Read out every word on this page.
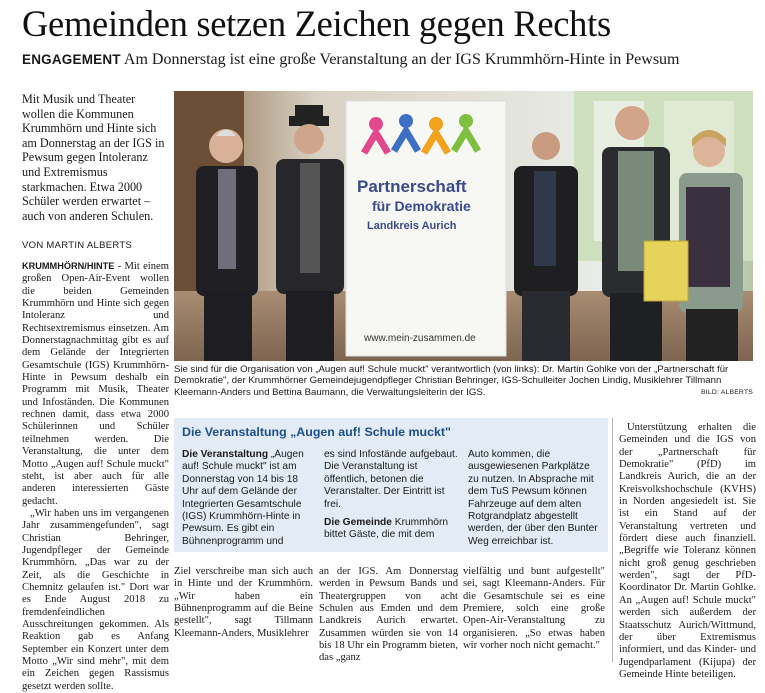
Gemeinden setzen Zeichen gegen Rechts
ENGAGEMENT Am Donnerstag ist eine große Veranstaltung an der IGS Krummhörn-Hinte in Pewsum
Mit Musik und Theater wollen die Kommunen Krummhörn und Hinte sich am Donnerstag an der IGS in Pewsum gegen Intoleranz und Extremismus starkmachen. Etwa 2000 Schüler werden erwartet – auch von anderen Schulen.
VON MARTIN ALBERTS
KRUMMHÖRN/HINTE - Mit einem großen Open-Air-Event wollen die beiden Gemeinden Krummhörn und Hinte sich gegen Intoleranz und Rechtsextremismus einsetzen. Am Donnerstagnachmittag gibt es auf dem Gelände der Integrierten Gesamtschule (IGS) Krummhörn-Hinte in Pewsum deshalb ein Programm mit Musik, Theater und Infoständen. Die Kommunen rechnen damit, dass etwa 2000 Schülerinnen und Schüler teilnehmen werden. Die Veranstaltung, die unter dem Motto „Augen auf! Schule muckt" steht, ist aber auch für alle anderen interessierten Gäste gedacht.
„Wir haben uns im vergangenen Jahr zusammengefunden", sagt Christian Behringer, Jugendpfleger der Gemeinde Krummhörn. „Das war zu der Zeit, als die Geschichte in Chemnitz gelaufen ist." Dort war es Ende August 2018 zu fremdenfeindlichen Ausschreitungen gekommen. Als Reaktion gab es Anfang September ein Konzert unter dem Motto „Wir sind mehr", mit dem ein Zeichen gegen Rassismus gesetzt werden sollte.
Partnerschaft
für Demokratie
Landkreis Aurich
www.mein-zusammen.de
Sie sind für die Organisation von „Augen auf! Schule muckt" verantwortlich (von links): Dr. Martin Gohlke von der „Partnerschaft für Demokratie", der Krummhörner Gemeindejugendpfleger Christian Behringer, IGS-Schulleiter Jochen Lindig, Musiklehrer Tillmann Kleemann-Anders und Bettina Baumann, die Verwaltungsleiterin der IGS.	BILD: ALBERTS
Die Veranstaltung „Augen auf! Schule muckt"
Die Veranstaltung „Augen auf! Schule muckt" ist am Donnerstag von 14 bis 18 Uhr auf dem Gelände der Integrierten Gesamtschule (IGS) Krummhörn-Hinte in Pewsum. Es gibt ein Bühnenprogramm und
es sind Infostände aufgebaut. Die Veranstaltung ist öffentlich, betonen die Veranstalter. Der Eintritt ist frei.
Die Gemeinde Krummhörn bittet Gäste, die mit dem
Auto kommen, die ausgewiesenen Parkplätze zu nutzen. In Absprache mit dem TuS Pewsum können Fahrzeuge auf dem alten Rotgrandplatz abgestellt werden, der über den Bunter Weg erreichbar ist.
Ziel verschreibe man sich auch in Hinte und der Krummhörn. „Wir haben ein Bühnenprogramm auf die Beine gestellt", sagt Tillmann Kleemann-Anders, Musiklehrer
an der IGS. Am Donnerstag werden in Pewsum Bands und Theatergruppen von acht Schulen aus Emden und dem Landkreis Aurich erwartet. Zusammen würden sie von 14 bis 18 Uhr ein Programm bieten, das „ganz
vielfältig und bunt aufgestellt" sei, sagt Kleemann-Anders. Für die Gesamtschule sei es eine Premiere, solch eine große Open-Air-Veranstaltung zu organisieren. „So etwas haben wir vorher noch nicht gemacht."
Unterstützung erhalten die Gemeinden und die IGS von der „Partnerschaft für Demokratie" (PfD) im Landkreis Aurich, die an der Kreisvolkshochschule (KVHS) in Norden angesiedelt ist. Sie ist ein Stand auf der Veranstaltung vertreten und fördert diese auch finanziell. „Begriffe wie Toleranz können nicht groß genug geschrieben werden", sagt der PfD-Koordinator Dr. Martin Gohlke. An „Augen auf! Schule muckt" werden sich außerdem der Staatsschutz Aurich/Wittmund, der über Extremismus informiert, und das Kinder- und Jugendparlament (Kijupa) der Gemeinde Hinte beteiligen.
